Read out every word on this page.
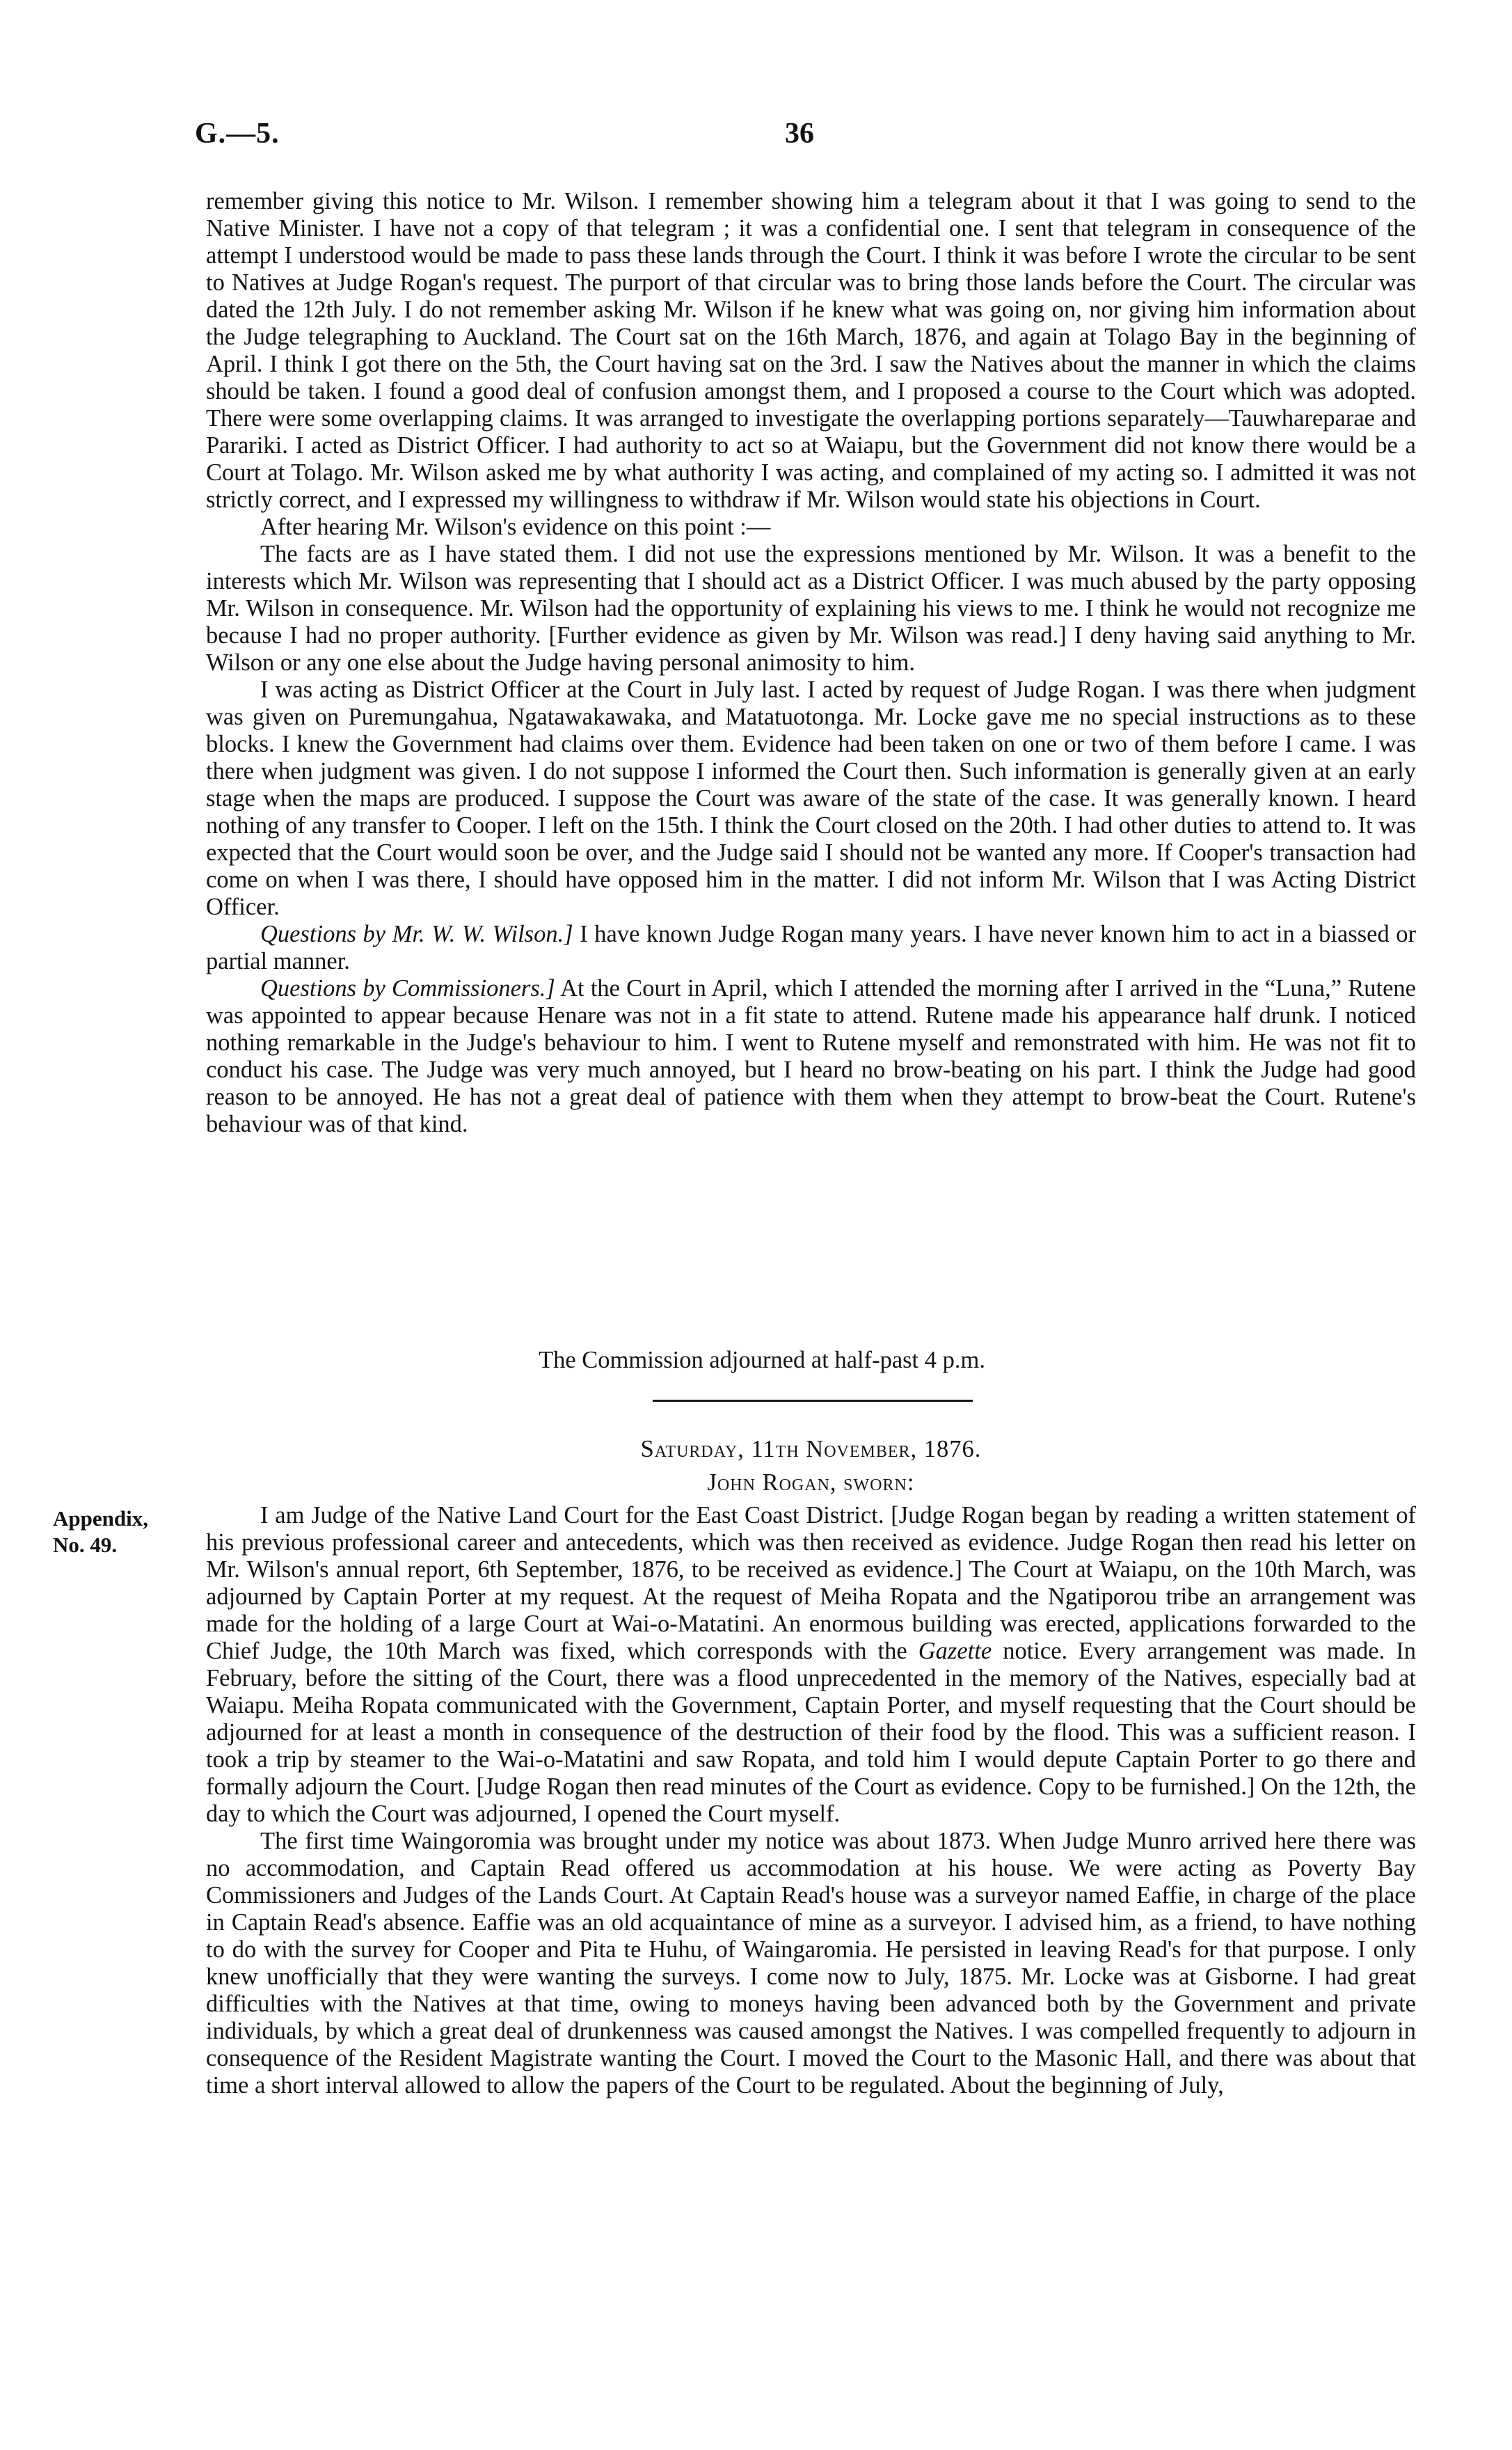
G.—5.	36

remember giving this notice to Mr. Wilson. I remember showing him a telegram about it that I was going to send to the Native Minister. I have not a copy of that telegram ; it was a confidential one. I sent that telegram in consequence of the attempt I understood would be made to pass these lands through the Court. I think it was before I wrote the circular to be sent to Natives at Judge Rogan's request. The purport of that circular was to bring those lands before the Court. The circular was dated the 12th July. I do not remember asking Mr. Wilson if he knew what was going on, nor giving him information about the Judge telegraphing to Auckland. The Court sat on the 16th March, 1876, and again at Tolago Bay in the beginning of April. I think I got there on the 5th, the Court having sat on the 3rd. I saw the Natives about the manner in which the claims should be taken. I found a good deal of confusion amongst them, and I proposed a course to the Court which was adopted. There were some overlapping claims. It was arranged to investigate the overlapping portions separately—Tauwhareparae and Parariki. I acted as District Officer. I had authority to act so at Waiapu, but the Government did not know there would be a Court at Tolago. Mr. Wilson asked me by what authority I was acting, and complained of my acting so. I admitted it was not strictly correct, and I expressed my willingness to withdraw if Mr. Wilson would state his objections in Court.

After hearing Mr. Wilson's evidence on this point :—

The facts are as I have stated them. I did not use the expressions mentioned by Mr. Wilson. It was a benefit to the interests which Mr. Wilson was representing that I should act as a District Officer. I was much abused by the party opposing Mr. Wilson in consequence. Mr. Wilson had the opportunity of explaining his views to me. I think he would not recognize me because I had no proper authority. [Further evidence as given by Mr. Wilson was read.] I deny having said anything to Mr. Wilson or any one else about the Judge having personal animosity to him.

I was acting as District Officer at the Court in July last. I acted by request of Judge Rogan. I was there when judgment was given on Puremungahua, Ngatawakawaka, and Matatuotonga. Mr. Locke gave me no special instructions as to these blocks. I knew the Government had claims over them. Evidence had been taken on one or two of them before I came. I was there when judgment was given. I do not suppose I informed the Court then. Such information is generally given at an early stage when the maps are produced. I suppose the Court was aware of the state of the case. It was generally known. I heard nothing of any transfer to Cooper. I left on the 15th. I think the Court closed on the 20th. I had other duties to attend to. It was expected that the Court would soon be over, and the Judge said I should not be wanted any more. If Cooper's transaction had come on when I was there, I should have opposed him in the matter. I did not inform Mr. Wilson that I was Acting District Officer.

Questions by Mr. W. W. Wilson.] I have known Judge Rogan many years. I have never known him to act in a biassed or partial manner.

Questions by Commissioners.] At the Court in April, which I attended the morning after I arrived in the “Luna,” Rutene was appointed to appear because Henare was not in a fit state to attend. Rutene made his appearance half drunk. I noticed nothing remarkable in the Judge's behaviour to him. I went to Rutene myself and remonstrated with him. He was not fit to conduct his case. The Judge was very much annoyed, but I heard no brow-beating on his part. I think the Judge had good reason to be annoyed. He has not a great deal of patience with them when they attempt to brow-beat the Court. Rutene's behaviour was of that kind.

The Commission adjourned at half-past 4 p.m.
Saturday, 11th November, 1876.
John Rogan, sworn:
Appendix,
No. 49.

I am Judge of the Native Land Court for the East Coast District. [Judge Rogan began by reading a written statement of his previous professional career and antecedents, which was then received as evidence. Judge Rogan then read his letter on Mr. Wilson's annual report, 6th September, 1876, to be received as evidence.] The Court at Waiapu, on the 10th March, was adjourned by Captain Porter at my request. At the request of Meiha Ropata and the Ngatiporou tribe an arrangement was made for the holding of a large Court at Wai-o-Matatini. An enormous building was erected, applications forwarded to the Chief Judge, the 10th March was fixed, which corresponds with the Gazette notice. Every arrangement was made. In February, before the sitting of the Court, there was a flood unprecedented in the memory of the Natives, especially bad at Waiapu. Meiha Ropata communicated with the Government, Captain Porter, and myself requesting that the Court should be adjourned for at least a month in consequence of the destruction of their food by the flood. This was a sufficient reason. I took a trip by steamer to the Wai-o-Matatini and saw Ropata, and told him I would depute Captain Porter to go there and formally adjourn the Court. [Judge Rogan then read minutes of the Court as evidence. Copy to be furnished.] On the 12th, the day to which the Court was adjourned, I opened the Court myself.

The first time Waingoromia was brought under my notice was about 1873. When Judge Munro arrived here there was no accommodation, and Captain Read offered us accommodation at his house. We were acting as Poverty Bay Commissioners and Judges of the Lands Court. At Captain Read's house was a surveyor named Eaffie, in charge of the place in Captain Read's absence. Eaffie was an old acquaintance of mine as a surveyor. I advised him, as a friend, to have nothing to do with the survey for Cooper and Pita te Huhu, of Waingaromia. He persisted in leaving Read's for that purpose. I only knew unofficially that they were wanting the surveys. I come now to July, 1875. Mr. Locke was at Gisborne. I had great difficulties with the Natives at that time, owing to moneys having been advanced both by the Government and private individuals, by which a great deal of drunkenness was caused amongst the Natives. I was compelled frequently to adjourn in consequence of the Resident Magistrate wanting the Court. I moved the Court to the Masonic Hall, and there was about that time a short interval allowed to allow the papers of the Court to be regulated. About the beginning of July,
